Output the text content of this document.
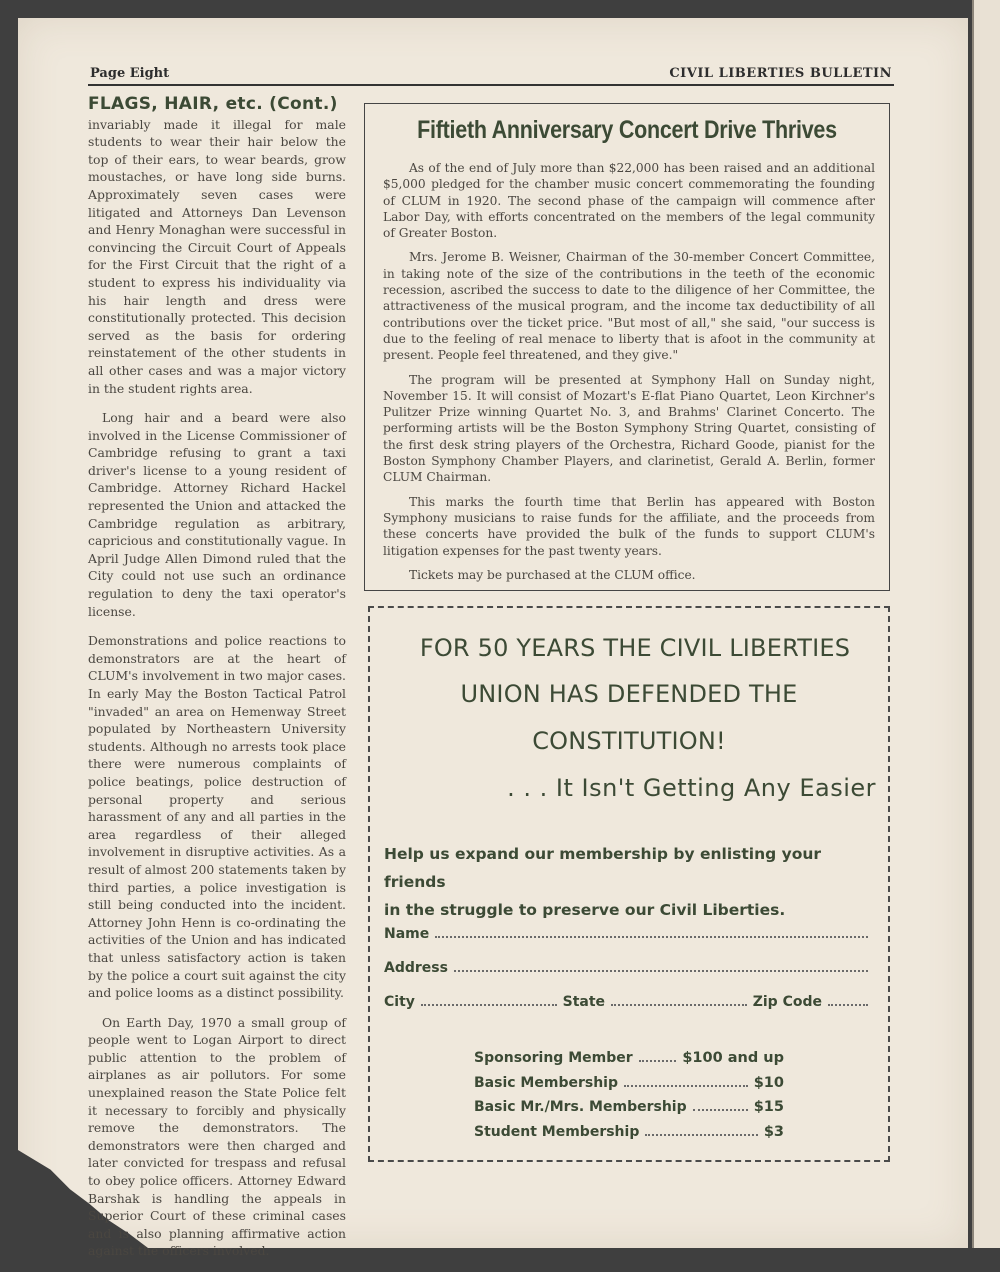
Page Eight	CIVIL LIBERTIES BULLETIN
FLAGS, HAIR, etc. (Cont.)

invariably made it illegal for male students to wear their hair below the top of their ears, to wear beards, grow moustaches, or have long side burns. Approximately seven cases were litigated and Attorneys Dan Levenson and Henry Monaghan were successful in convincing the Circuit Court of Appeals for the First Circuit that the right of a student to express his individuality via his hair length and dress were constitutionally protected. This decision served as the basis for ordering reinstatement of the other students in all other cases and was a major victory in the student rights area.

Long hair and a beard were also involved in the License Commissioner of Cambridge refusing to grant a taxi driver's license to a young resident of Cambridge. Attorney Richard Hackel represented the Union and attacked the Cambridge regulation as arbitrary, capricious and constitutionally vague. In April Judge Allen Dimond ruled that the City could not use such an ordinance regulation to deny the taxi operator's license.

Demonstrations and police reactions to demonstrators are at the heart of CLUM's involvement in two major cases. In early May the Boston Tactical Patrol "invaded" an area on Hemenway Street populated by Northeastern University students. Although no arrests took place there were numerous complaints of police beatings, police destruction of personal property and serious harassment of any and all parties in the area regardless of their alleged involvement in disruptive activities. As a result of almost 200 statements taken by third parties, a police investigation is still being conducted into the incident. Attorney John Henn is co-ordinating the activities of the Union and has indicated that unless satisfactory action is taken by the police a court suit against the city and police looms as a distinct possibility.

On Earth Day, 1970 a small group of people went to Logan Airport to direct public attention to the problem of airplanes as air pollutors. For some unexplained reason the State Police felt it necessary to forcibly and physically remove the demonstrators. The demonstrators were then charged and later convicted for trespass and refusal to obey police officers. Attorney Edward Barshak is handling the appeals in Superior Court of these criminal cases and is also planning affirmative action against the officers involved.

Fiftieth Anniversary Concert Drive Thrives

As of the end of July more than $22,000 has been raised and an additional $5,000 pledged for the chamber music concert commemorating the founding of CLUM in 1920. The second phase of the campaign will commence after Labor Day, with efforts concentrated on the members of the legal community of Greater Boston.

Mrs. Jerome B. Weisner, Chairman of the 30-member Concert Committee, in taking note of the size of the contributions in the teeth of the economic recession, ascribed the success to date to the diligence of her Committee, the attractiveness of the musical program, and the income tax deductibility of all contributions over the ticket price. "But most of all," she said, "our success is due to the feeling of real menace to liberty that is afoot in the community at present. People feel threatened, and they give."

The program will be presented at Symphony Hall on Sunday night, November 15. It will consist of Mozart's E-flat Piano Quartet, Leon Kirchner's Pulitzer Prize winning Quartet No. 3, and Brahms' Clarinet Concerto. The performing artists will be the Boston Symphony String Quartet, consisting of the first desk string players of the Orchestra, Richard Goode, pianist for the Boston Symphony Chamber Players, and clarinetist, Gerald A. Berlin, former CLUM Chairman.

This marks the fourth time that Berlin has appeared with Boston Symphony musicians to raise funds for the affiliate, and the proceeds from these concerts have provided the bulk of the funds to support CLUM's litigation expenses for the past twenty years.

Tickets may be purchased at the CLUM office.

FOR 50 YEARS THE CIVIL LIBERTIES
UNION HAS DEFENDED THE
CONSTITUTION!
. . . It Isn't Getting Any Easier
Help us expand our membership by enlisting your friends
in the struggle to preserve our Civil Liberties.
Name
Address
City	State	Zip Code
Sponsoring Member	$100 and up
Basic Membership	$10
Basic Mr./Mrs. Membership	$15
Student Membership	$3
